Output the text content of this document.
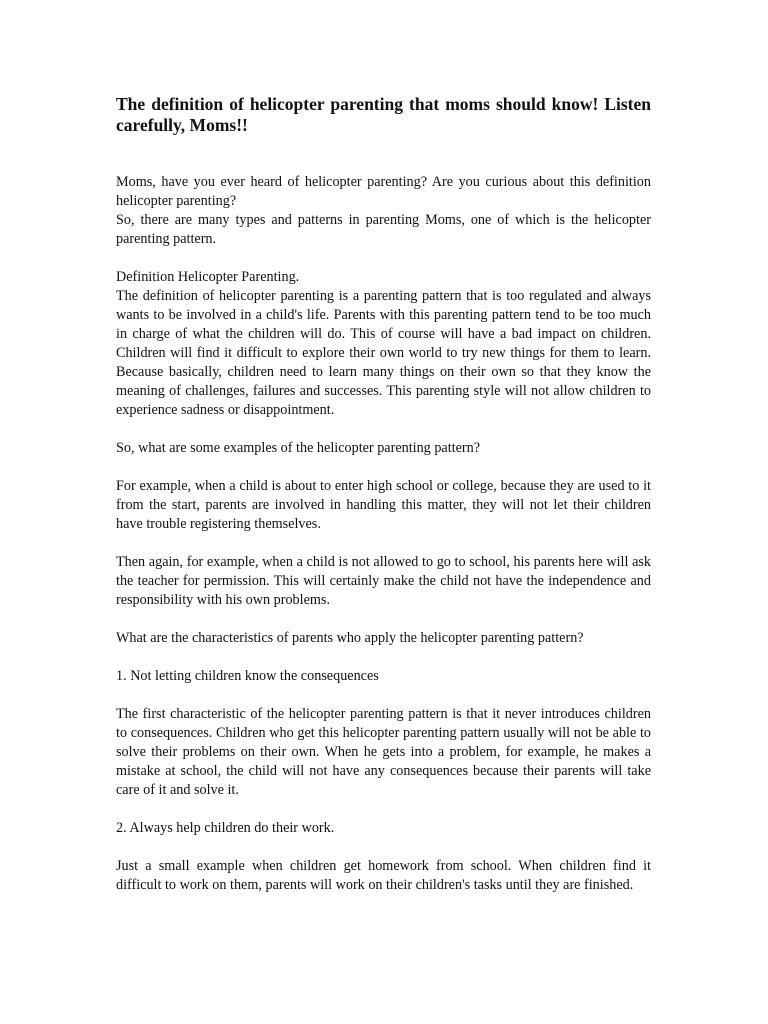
The definition of helicopter parenting that moms should know! Listen carefully, Moms!!

Moms, have you ever heard of helicopter parenting? Are you curious about this definition helicopter parenting?
So, there are many types and patterns in parenting Moms, one of which is the helicopter parenting pattern.

Definition Helicopter Parenting.
The definition of helicopter parenting is a parenting pattern that is too regulated and always wants to be involved in a child's life. Parents with this parenting pattern tend to be too much in charge of what the children will do. This of course will have a bad impact on children. Children will find it difficult to explore their own world to try new things for them to learn. Because basically, children need to learn many things on their own so that they know the meaning of challenges, failures and successes. This parenting style will not allow children to experience sadness or disappointment.

So, what are some examples of the helicopter parenting pattern?

For example, when a child is about to enter high school or college, because they are used to it from the start, parents are involved in handling this matter, they will not let their children have trouble registering themselves.

Then again, for example, when a child is not allowed to go to school, his parents here will ask the teacher for permission. This will certainly make the child not have the independence and responsibility with his own problems.

What are the characteristics of parents who apply the helicopter parenting pattern?

1. Not letting children know the consequences

The first characteristic of the helicopter parenting pattern is that it never introduces children to consequences. Children who get this helicopter parenting pattern usually will not be able to solve their problems on their own. When he gets into a problem, for example, he makes a mistake at school, the child will not have any consequences because their parents will take care of it and solve it.

2. Always help children do their work.

Just a small example when children get homework from school. When children find it difficult to work on them, parents will work on their children's tasks until they are finished.
